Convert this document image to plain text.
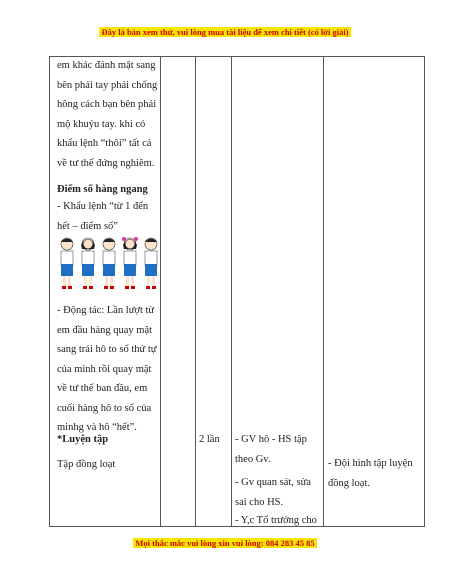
Đây là bản xem thử, vui lòng mua tài liệu để xem chi tiết (có lời giải)
em khác đánh mặt sang
bên phải tay phải chống
hông cách bạn bên phải
mộ khuỷu tay. khi có
khẩu lệnh “thôi” tất cả
về tư thế đứng nghiêm.
Điểm số hàng ngang
- Khẩu lệnh “từ 1 đến
hết – điểm số”
- Động tác: Lần lượt từ
em đầu hàng quay mặt
sang trái hô to số thứ tự
của mình rồi quay mặt
về tư thế ban đầu, em
cuối hàng hô to số của
minhg và hô “hết”.
*Luyện tập
Tập đồng loạt
2 lần	- GV hô - HS tập
theo Gv.
- Gv quan sát, sửa
sai cho HS.
- Y,c Tổ trưởng cho
- Đội hình tập luyện
đồng loạt.
Mọi thắc mắc vui lòng xin vui lòng: 084 283 45 85
